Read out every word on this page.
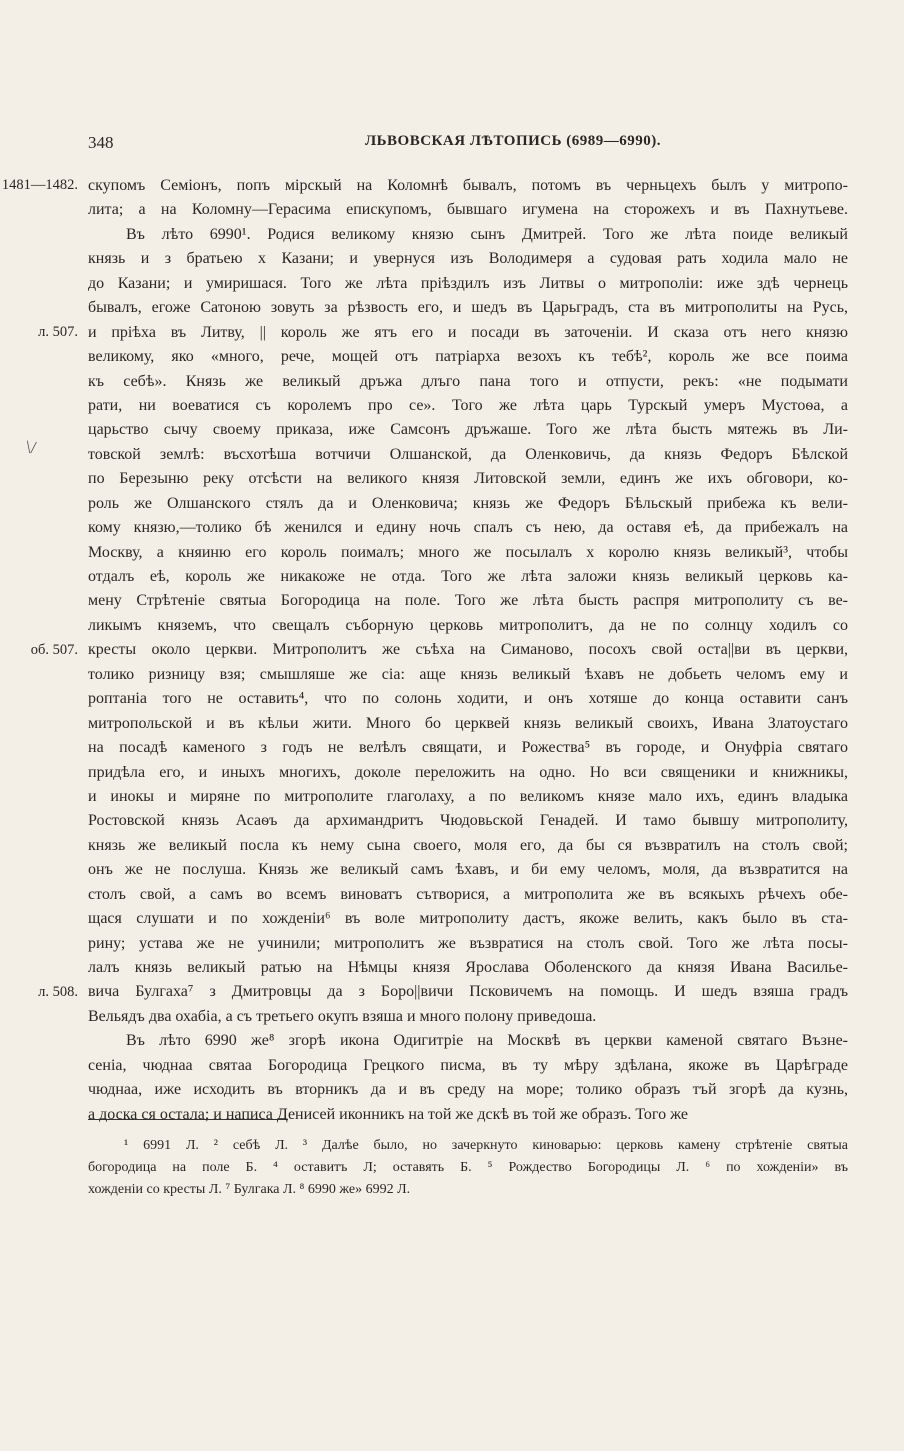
348	ЛЬВОВСКАЯ ЛѢТОПИСЬ (6989—6990).
1481—1482.
л. 507.
об. 507.
л. 508.
\/
скупомъ Семiонъ, попъ мiрскый на Коломнѣ бывалъ, потомъ въ черньцехъ былъ у митропо-
лита; а на Коломну—Герасима епискупомъ, бывшаго игумена на сторожехъ и въ Пахнутьеве.
Въ лѣто 6990¹. Родися великому князю сынъ Дмитрей. Того же лѣта поиде великый
князь и з братьею х Казани; и увернуся изъ Володимеря а судовая рать ходила мало не
до Казани; и умиришася. Того же лѣта прiѣздилъ изъ Литвы о митрополiи: иже здѣ чернець
бывалъ, егоже Сатоною зовуть за рѣзвость его, и шедъ въ Царьградъ, ста въ митрополиты на Русь,
и прiѣха въ Литву, || король же ятъ его и посади въ заточенiи. И сказа отъ него князю
великому, яко «много, рече, мощей отъ патрiарха везохъ къ тебѣ², король же все поима
къ себѣ». Князь же великый дръжа длъго пана того и отпусти, рекъ: «не подымати
рати, ни воеватися съ королемъ про се». Того же лѣта царь Турскый умеръ Мустоѳа, а
царьство сычу своему приказа, иже Самсонъ дръжаше. Того же лѣта бысть мятежь въ Ли-
товской землѣ: въсхотѣша вотчичи Олшанской, да Оленковичь, да князь Федоръ Бѣлской
по Березыню реку отсѣсти на великого князя Литовской земли, единъ же ихъ обговори, ко-
роль же Олшанского стялъ да и Оленковича; князь же Федоръ Бѣльскый прибежа къ вели-
кому князю,—толико бѣ женился и едину ночь спалъ съ нею, да оставя еѣ, да прибежалъ на
Москву, а княиню его король поималъ; много же посылалъ х королю князь великый³, чтобы
отдалъ еѣ, король же никакоже не отда. Того же лѣта заложи князь великый церковь ка-
мену Стрѣтенiе святыа Богородица на поле. Того же лѣта бысть распря митрополиту съ ве-
ликымъ княземъ, что свещалъ съборную церковь митрополитъ, да не по солнцу ходилъ со
кресты около церкви. Митрополитъ же съѣха на Симаново, посохъ свой оста||ви въ церкви,
толико ризницу взя; смышляше же сiа: аще князь великый ѣхавъ не добьеть челомъ ему и
роптанiа того не оставить⁴, что по солонь ходити, и онъ хотяше до конца оставити санъ
митропольской и въ кѣльи жити. Много бо церквей князь великый своихъ, Ивана Златоустаго
на посадѣ каменого з годъ не велѣлъ свящати, и Рожества⁵ въ городе, и Онуфрiа святаго
придѣла его, и иныхъ многихъ, доколе переложить на одно. Но вси священики и книжникы,
и инокы и миряне по митрополите глаголаху, а по великомъ князе мало ихъ, единъ владыка
Ростовской князь Асаѳъ да архимандритъ Чюдовьской Генадей. И тамо бывшу митрополиту,
князь же великый посла къ нему сына своего, моля его, да бы ся възвратилъ на столъ свой;
онъ же не послуша. Князь же великый самъ ѣхавъ, и би ему челомъ, моля, да възвратится на
столъ свой, а самъ во всемъ виноватъ сътворися, а митрополита же въ всякыхъ рѣчехъ обе-
щася слушати и по хожденiи⁶ въ воле митрополиту дастъ, якоже велить, какъ было въ ста-
рину; устава же не учинили; митрополитъ же възвратися на столъ свой. Того же лѣта посы-
лалъ князь великый ратью на Нѣмцы князя Ярослава Оболенского да князя Ивана Василье-
вича Булгаха⁷ з Дмитровцы да з Боро||вичи Псковичемъ на помощь. И шедъ взяша градъ
Вельядъ два охабiа, а съ третьего окупъ взяша и много полону приведоша.
Въ лѣто 6990 же⁸ згорѣ икона Одигитрiе на Москвѣ въ церкви каменой святаго Възне-
сенiа, чюднаа святаа Богородица Грецкого писма, въ ту мѣру здѣлана, якоже въ Царѣграде
чюднаа, иже исходить въ вторникъ да и въ среду на море; толико образъ тъй згорѣ да кузнь,
а доска ся остала; и написа Денисей иконникъ на той же дскѣ въ той же образъ. Того же
¹ 6991 Л. ² себѣ Л. ³ Далѣе было, но зачеркнуто киноварью: церковь камену стрѣтенiе святыа
богородица на поле Б. ⁴ оставитъ Л; оставять Б. ⁵ Рождество Богородицы Л. ⁶ по хожденiи» въ
хожденiи со кресты Л. ⁷ Булгака Л. ⁸ 6990 же» 6992 Л.
